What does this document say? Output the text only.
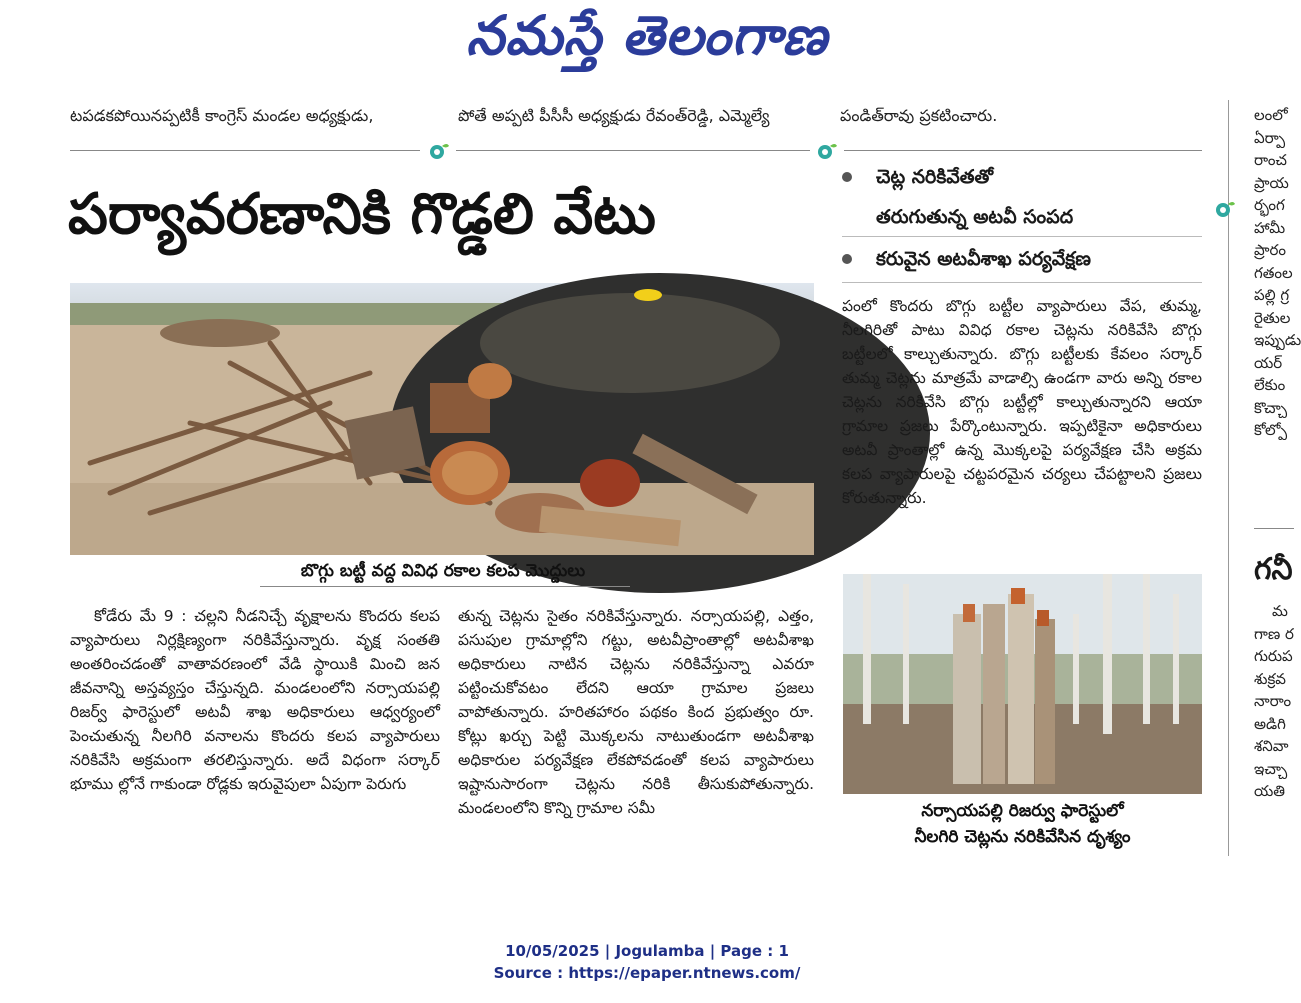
నమస్తే తెలంగాణ
టపడకపోయినప్పటికీ కాంగ్రెస్ మండల అధ్యక్షుడు,	పోతే అప్పటి పీసీసీ అధ్యక్షుడు రేవంత్‌రెడ్డి, ఎమ్మెల్యే	పండిత్‌రావు ప్రకటించారు.
పర్యావరణానికి గొడ్డలి వేటు
బొగ్గు బట్టీ వద్ద వివిధ రకాల కలప మొద్దులు
చెట్ల నరికివేతతో
తరుగుతున్న అటవీ సంపద
కరువైన అటవీశాఖ పర్యవేక్షణ
పంలో కొందరు బొగ్గు బట్టీల వ్యాపారులు వేప, తుమ్మ, నీలగిరితో పాటు వివిధ రకాల చెట్లను నరికివేసి బొగ్గు బట్టీలలో కాల్చుతున్నారు. బొగ్గు బట్టీలకు కేవలం సర్కార్ తుమ్మ చెట్లను మాత్రమే వాడాల్సి ఉండగా వారు అన్ని రకాల చెట్లను నరికివేసి బొగ్గు బట్టీల్లో కాల్చుతున్నారని ఆయా గ్రామాల ప్రజలు పేర్కొంటున్నారు. ఇప్పటికైనా అధికారులు అటవీ ప్రాంతాల్లో ఉన్న మొక్కలపై పర్యవేక్షణ చేసి అక్రమ కలప వ్యాపారులపై చట్టపరమైన చర్యలు చేపట్టాలని ప్రజలు కోరుతున్నారు.
నర్సాయపల్లి రిజర్వు ఫారెస్టులో
నీలగిరి చెట్లను నరికివేసిన దృశ్యం
కోడేరు మే 9 : చల్లని నీడనిచ్చే వృక్షాలను కొందరు కలప వ్యాపారులు నిర్లక్షిణ్యంగా నరికివేస్తున్నారు. వృక్ష సంతతి అంతరించడంతో వాతావరణంలో వేడి స్థాయికి మించి జన జీవనాన్ని అస్తవ్యస్తం చేస్తున్నది. మండలంలోని నర్సాయపల్లి రిజర్వ్ ఫారెస్టులో అటవీ శాఖ అధికారులు ఆధ్వర్యంలో పెంచుతున్న నీలగిరి వనాలను కొందరు కలప వ్యాపారులు నరికివేసి అక్రమంగా తరలిస్తున్నారు. అదే విధంగా సర్కార్ భూము ల్లోనే గాకుండా రోడ్లకు ఇరువైపులా ఏపుగా పెరుగు
తున్న చెట్లను సైతం నరికివేస్తున్నారు. నర్సాయపల్లి, ఎత్తం, పసుపుల గ్రామాల్లోని గట్టు, అటవీప్రాంతాల్లో అటవీశాఖ అధికారులు నాటిన చెట్లను నరికివేస్తున్నా ఎవరూ పట్టించుకోవటం లేదని ఆయా గ్రామాల ప్రజలు వాపోతున్నారు. హరితహారం పథకం కింద ప్రభుత్వం రూ. కోట్లు ఖర్చు పెట్టి మొక్కలను నాటుతుండగా అటవీశాఖ అధికారుల పర్యవేక్షణ లేకపోవడంతో కలప వ్యాపారులు ఇష్టానుసారంగా చెట్లను నరికి తీసుకుపోతున్నారు. మండలంలోని కొన్ని గ్రామాల సమీ
లంలో
ఏర్పా
రాంచ
ప్రాయ
ర్భంగ
హామీ
ప్రారం
గతంల
పల్లి గ్ర
రైతుల
ఇప్పుడు
యర్
లేకుం
కొచ్చా
కోల్పో
గనీ
మ
గాణ ర
గురుప
శుక్రవ
నారాం
అడిగి
శనివా
ఇచ్చా
యతి
10/05/2025 | Jogulamba | Page : 1
Source : https://epaper.ntnews.com/
